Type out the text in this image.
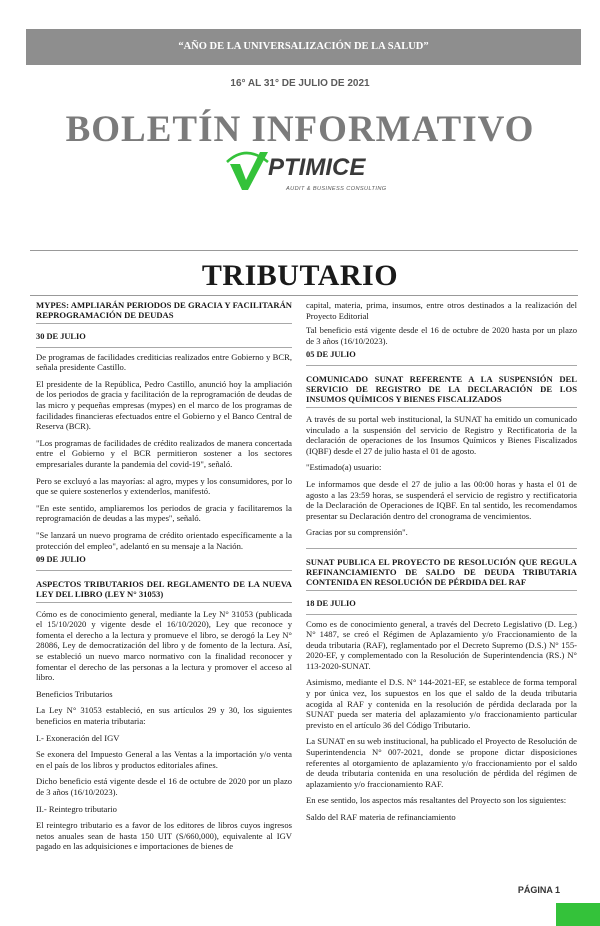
“AÑO DE LA UNIVERSALIZACIÓN DE LA SALUD”
16° AL 31° DE JULIO DE 2021
BOLETÍN INFORMATIVO
PTIMICE
AUDIT & BUSINESS CONSULTING
TRIBUTARIO
MYPES: AMPLIARÁN PERIODOS DE GRACIA Y FACILITARÁN REPROGRAMACIÓN DE DEUDAS
30 DE JULIO
De programas de facilidades crediticias realizados entre Gobierno y BCR, señala presidente Castillo.
El presidente de la República, Pedro Castillo, anunció hoy la ampliación de los periodos de gracia y facilitación de la reprogramación de deudas de las micro y pequeñas empresas (mypes) en el marco de los programas de facilidades financieras efectuados entre el Gobierno y el Banco Central de Reserva (BCR).
"Los programas de facilidades de crédito realizados de manera concertada entre el Gobierno y el BCR permitieron sostener a los sectores empresariales durante la pandemia del covid-19", señaló.
Pero se excluyó a las mayorías: al agro, mypes y los consumidores, por lo que se quiere sostenerlos y extenderlos, manifestó.
"En este sentido, ampliaremos los periodos de gracia y facilitaremos la reprogramación de deudas a las mypes", señaló.
"Se lanzará un nuevo programa de crédito orientado específicamente a la protección del empleo", adelantó en su mensaje a la Nación.
09 DE JULIO
ASPECTOS TRIBUTARIOS DEL REGLAMENTO DE LA NUEVA LEY DEL LIBRO (LEY N° 31053)
Cómo es de conocimiento general, mediante la Ley N° 31053 (publicada el 15/10/2020 y vigente desde el 16/10/2020), Ley que reconoce y fomenta el derecho a la lectura y promueve el libro, se derogó la Ley N° 28086, Ley de democratización del libro y de fomento de la lectura. Así, se estableció un nuevo marco normativo con la finalidad reconocer y fomentar el derecho de las personas a la lectura y promover el acceso al libro.
Beneficios Tributarios
La Ley N° 31053 estableció, en sus artículos 29 y 30, los siguientes beneficios en materia tributaria:
I.- Exoneración del IGV
Se exonera del Impuesto General a las Ventas a la importación y/o venta en el país de los libros y productos editoriales afines.
Dicho beneficio está vigente desde el 16 de octubre de 2020 por un plazo de 3 años (16/10/2023).
II.- Reintegro tributario
El reintegro tributario es a favor de los editores de libros cuyos ingresos netos anuales sean de hasta 150 UIT (S/660,000), equivalente al IGV pagado en las adquisiciones e importaciones de bienes de
capital, materia, prima, insumos, entre otros destinados a la realización del Proyecto Editorial
Tal beneficio está vigente desde el 16 de octubre de 2020 hasta por un plazo de 3 años (16/10/2023).
05 DE JULIO
COMUNICADO SUNAT REFERENTE A LA SUSPENSIÓN DEL SERVICIO DE REGISTRO DE LA DECLARACIÓN DE LOS INSUMOS QUÍMICOS Y BIENES FISCALIZADOS
A través de su portal web institucional, la SUNAT ha emitido un comunicado vinculado a la suspensión del servicio de Registro y Rectificatoria de la declaración de operaciones de los Insumos Químicos y Bienes Fiscalizados (IQBF) desde el 27 de julio hasta el 01 de agosto.
"Estimado(a) usuario:
Le informamos que desde el 27 de julio a las 00:00 horas y hasta el 01 de agosto a las 23:59 horas, se suspenderá el servicio de registro y rectificatoria de la Declaración de Operaciones de IQBF. En tal sentido, les recomendamos presentar su Declaración dentro del cronograma de vencimientos.
Gracias por su comprensión".
SUNAT PUBLICA EL PROYECTO DE RESOLUCIÓN QUE REGULA REFINANCIAMIENTO DE SALDO DE DEUDA TRIBUTARIA CONTENIDA EN RESOLUCIÓN DE PÉRDIDA DEL RAF
18 DE JULIO
Como es de conocimiento general, a través del Decreto Legislativo (D. Leg.) N° 1487, se creó el Régimen de Aplazamiento y/o Fraccionamiento de la deuda tributaria (RAF), reglamentado por el Decreto Supremo (D.S.) N° 155-2020-EF, y complementado con la Resolución de Superintendencia (RS.) N° 113-2020-SUNAT.
Asimismo, mediante el D.S. N° 144-2021-EF, se establece de forma temporal y por única vez, los supuestos en los que el saldo de la deuda tributaria acogida al RAF y contenida en la resolución de pérdida declarada por la SUNAT pueda ser materia del aplazamiento y/o fraccionamiento particular previsto en el artículo 36 del Código Tributario.
La SUNAT en su web institucional, ha publicado el Proyecto de Resolución de Superintendencia N° 007-2021, donde se propone dictar disposiciones referentes al otorgamiento de aplazamiento y/o fraccionamiento por el saldo de deuda tributaria contenida en una resolución de pérdida del régimen de aplazamiento y/o fraccionamiento RAF.
En ese sentido, los aspectos más resaltantes del Proyecto son los siguientes:
Saldo del RAF materia de refinanciamiento
PÁGINA 1
